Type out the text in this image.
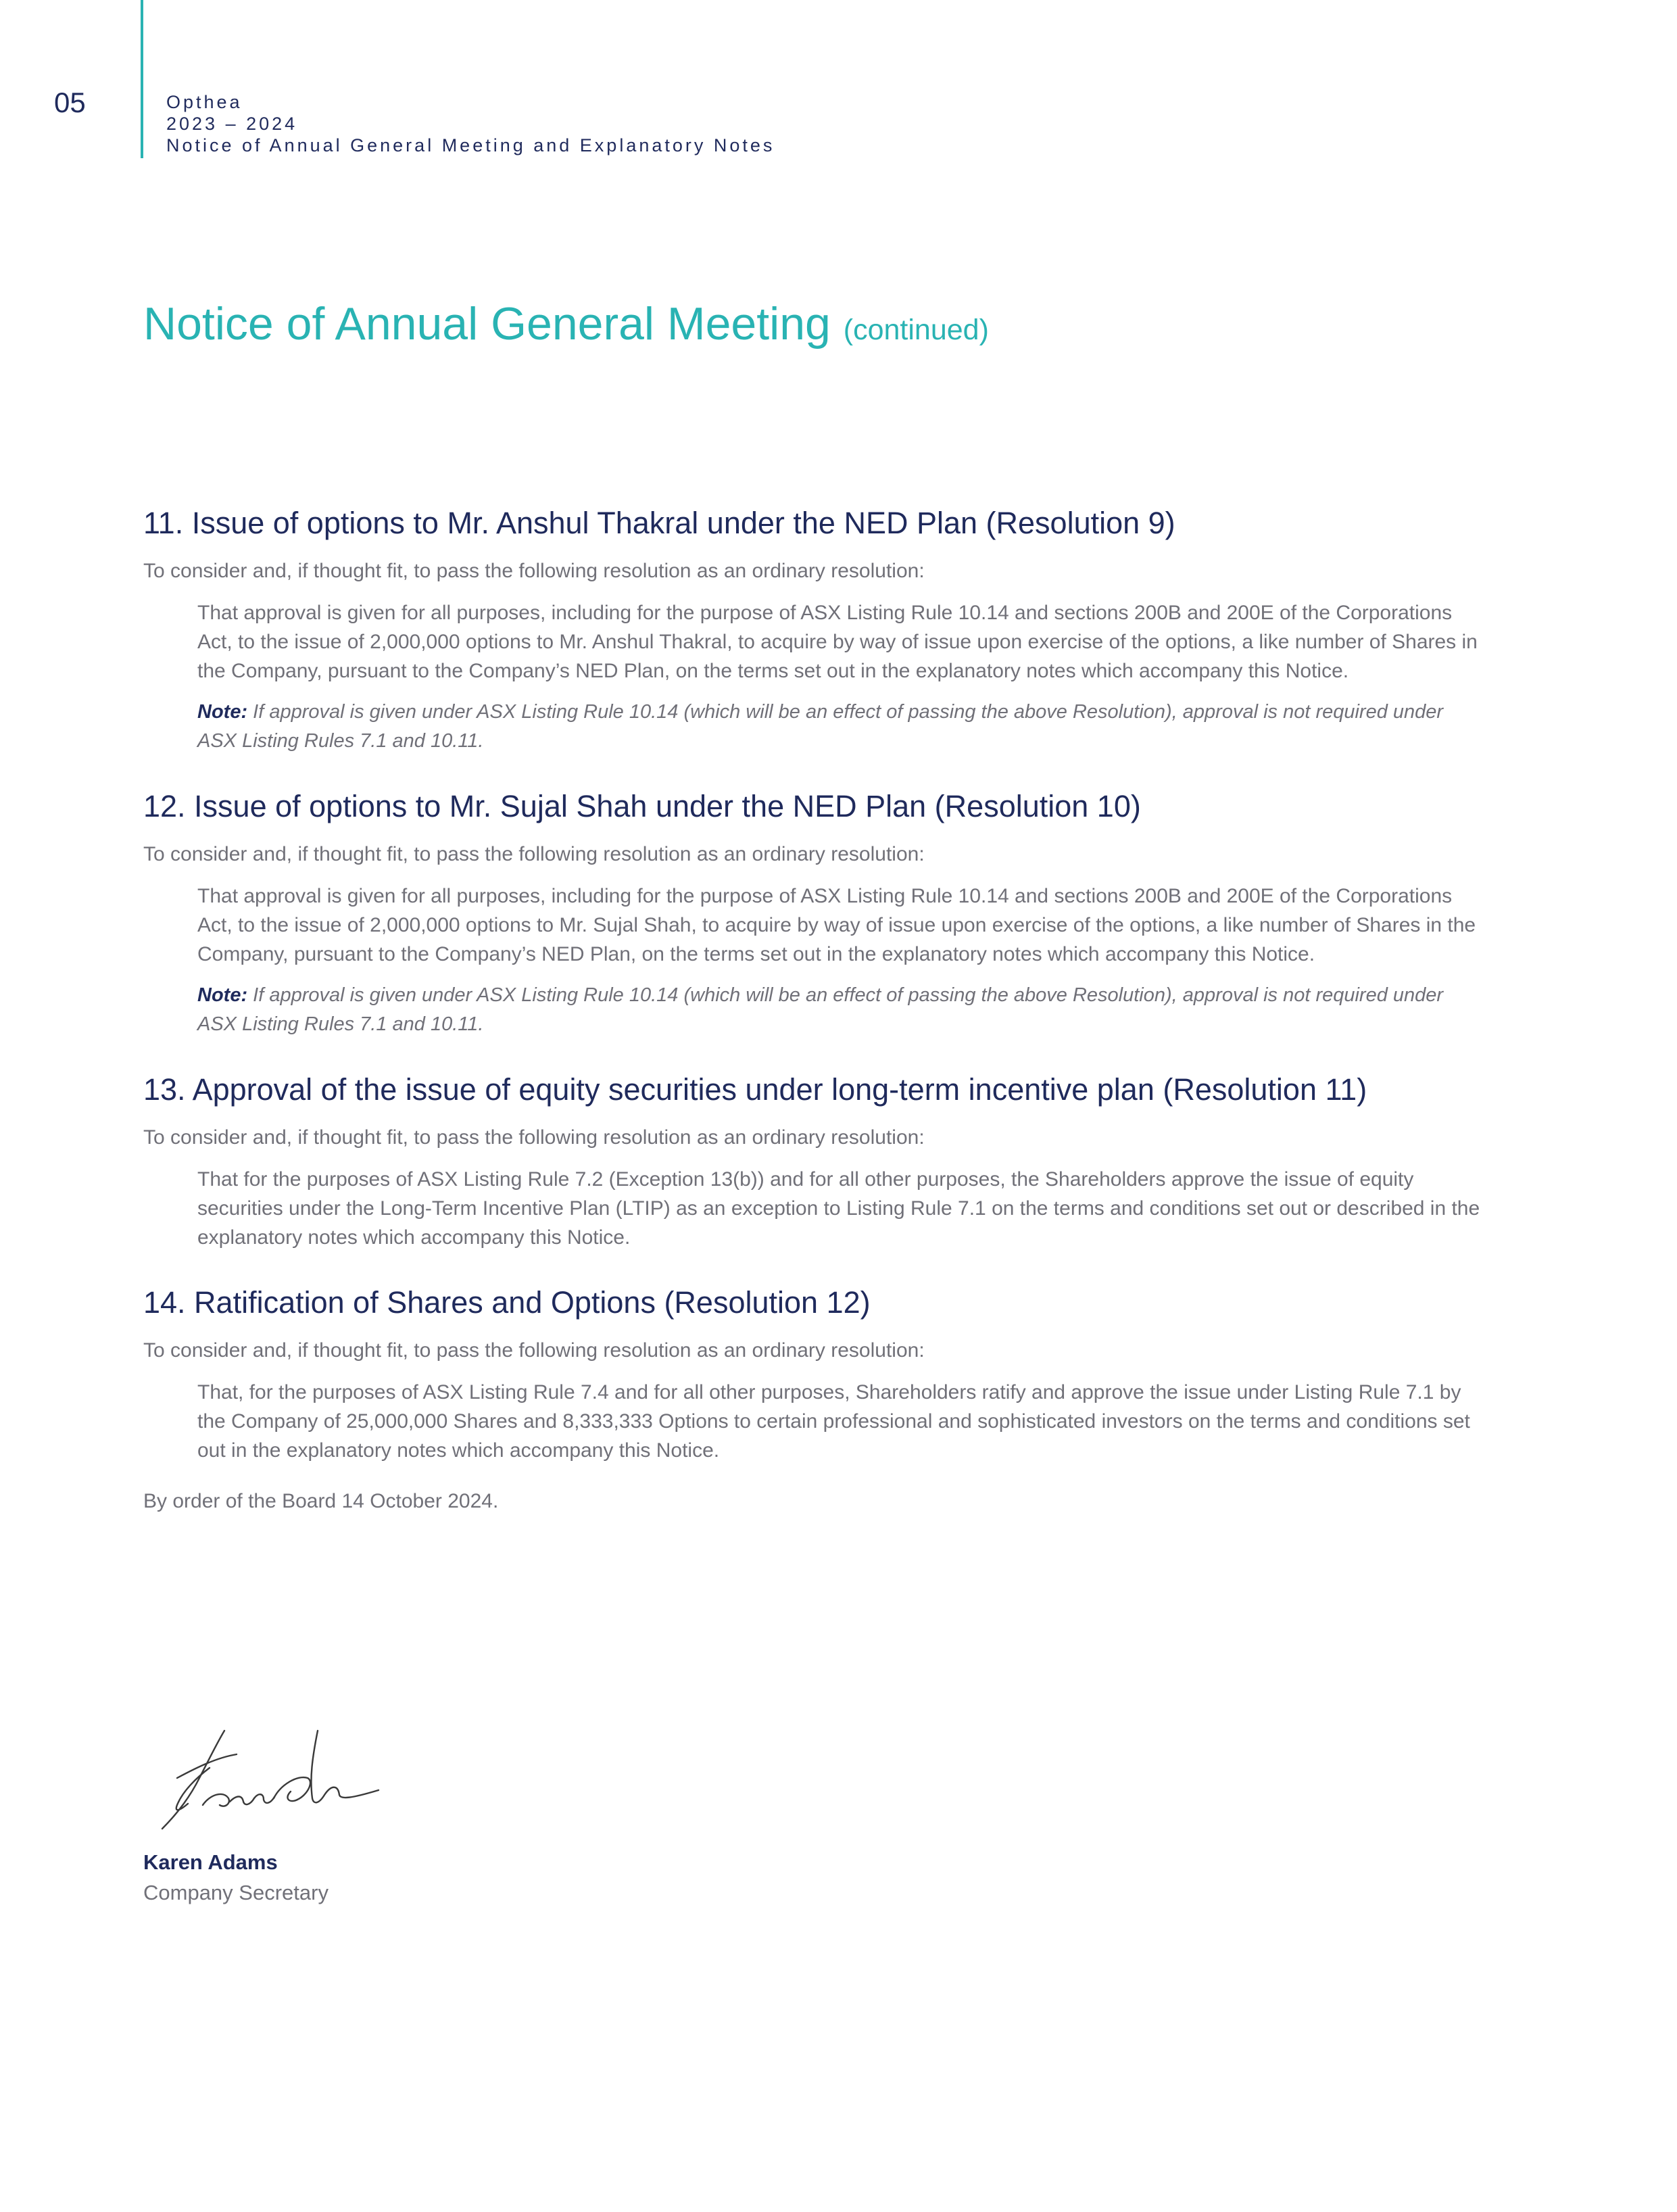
05	Opthea
2023 – 2024
Notice of Annual General Meeting and Explanatory Notes
Notice of Annual General Meeting (continued)
11. Issue of options to Mr. Anshul Thakral under the NED Plan (Resolution 9)

To consider and, if thought fit, to pass the following resolution as an ordinary resolution:

That approval is given for all purposes, including for the purpose of ASX Listing Rule 10.14 and sections 200B and 200E of the Corporations Act, to the issue of 2,000,000 options to Mr. Anshul Thakral, to acquire by way of issue upon exercise of the options, a like number of Shares in the Company, pursuant to the Company’s NED Plan, on the terms set out in the explanatory notes which accompany this Notice.

Note: If approval is given under ASX Listing Rule 10.14 (which will be an effect of passing the above Resolution), approval is not required under ASX Listing Rules 7.1 and 10.11.

12. Issue of options to Mr. Sujal Shah under the NED Plan (Resolution 10)

To consider and, if thought fit, to pass the following resolution as an ordinary resolution:

That approval is given for all purposes, including for the purpose of ASX Listing Rule 10.14 and sections 200B and 200E of the Corporations Act, to the issue of 2,000,000 options to Mr. Sujal Shah, to acquire by way of issue upon exercise of the options, a like number of Shares in the Company, pursuant to the Company’s NED Plan, on the terms set out in the explanatory notes which accompany this Notice.

Note: If approval is given under ASX Listing Rule 10.14 (which will be an effect of passing the above Resolution), approval is not required under ASX Listing Rules 7.1 and 10.11.

13. Approval of the issue of equity securities under long-term incentive plan (Resolution 11)

To consider and, if thought fit, to pass the following resolution as an ordinary resolution:

That for the purposes of ASX Listing Rule 7.2 (Exception 13(b)) and for all other purposes, the Shareholders approve the issue of equity securities under the Long-Term Incentive Plan (LTIP) as an exception to Listing Rule 7.1 on the terms and conditions set out or described in the explanatory notes which accompany this Notice.

14. Ratification of Shares and Options (Resolution 12)

To consider and, if thought fit, to pass the following resolution as an ordinary resolution:

That, for the purposes of ASX Listing Rule 7.4 and for all other purposes, Shareholders ratify and approve the issue under Listing Rule 7.1 by the Company of 25,000,000 Shares and 8,333,333 Options to certain professional and sophisticated investors on the terms and conditions set out in the explanatory notes which accompany this Notice.

By order of the Board 14 October 2024.

Karen Adams
Company Secretary
